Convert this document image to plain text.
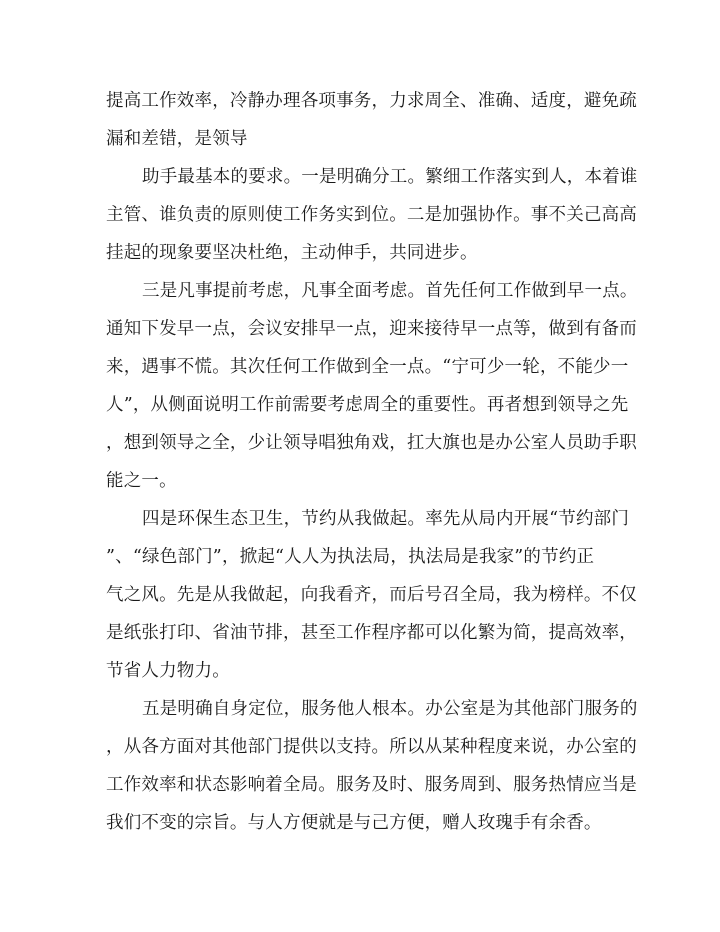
提高工作效率，冷静办理各项事务，力求周全、准确、适度，避免疏
漏和差错，是领导
助手最基本的要求。一是明确分工。繁细工作落实到人，本着谁
主管、谁负责的原则使工作务实到位。二是加强协作。事不关己高高
挂起的现象要坚决杜绝，主动伸手，共同进步。
三是凡事提前考虑，凡事全面考虑。首先任何工作做到早一点。
通知下发早一点，会议安排早一点，迎来接待早一点等，做到有备而
来，遇事不慌。其次任何工作做到全一点。“宁可少一轮，不能少一
人”，从侧面说明工作前需要考虑周全的重要性。再者想到领导之先
，想到领导之全，少让领导唱独角戏，扛大旗也是办公室人员助手职
能之一。
四是环保生态卫生，节约从我做起。率先从局内开展“节约部门
”、“绿色部门”，掀起“人人为执法局，执法局是我家”的节约正
气之风。先是从我做起，向我看齐，而后号召全局，我为榜样。不仅
是纸张打印、省油节排，甚至工作程序都可以化繁为简，提高效率，
节省人力物力。
五是明确自身定位，服务他人根本。办公室是为其他部门服务的
，从各方面对其他部门提供以支持。所以从某种程度来说，办公室的
工作效率和状态影响着全局。服务及时、服务周到、服务热情应当是
我们不变的宗旨。与人方便就是与己方便，赠人玫瑰手有余香。
